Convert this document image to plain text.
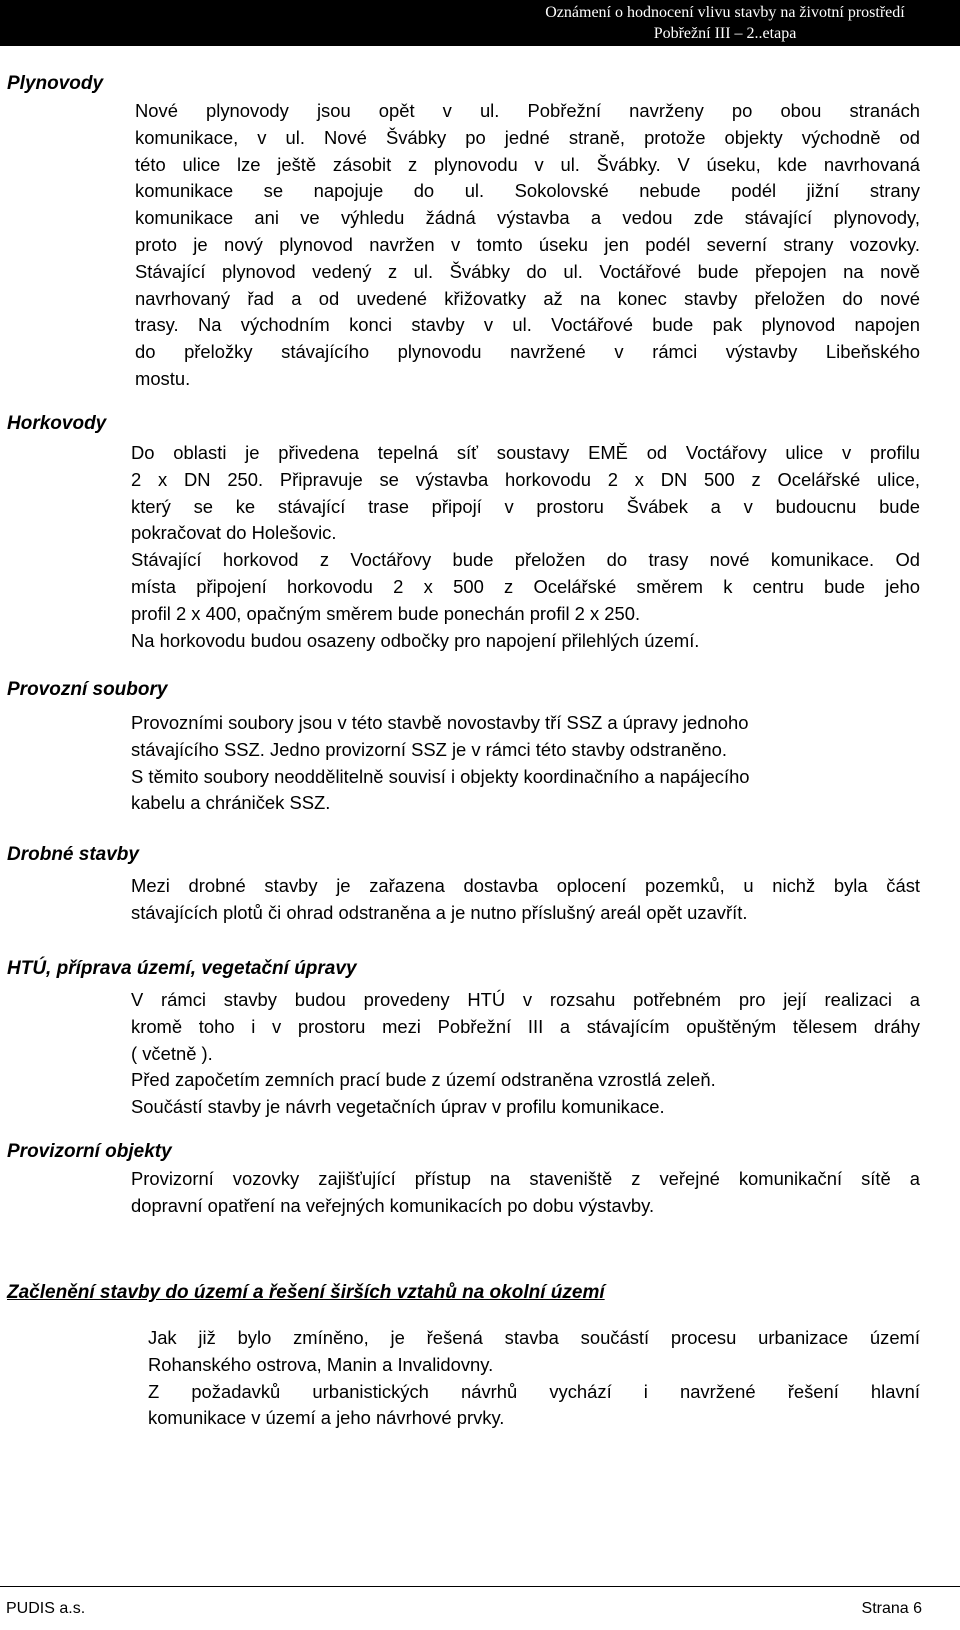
Oznámení o hodnocení vlivu stavby na životní prostředí
Pobřežní III – 2..etapa
Plynovody
Nové plynovody jsou opět v ul. Pobřežní navrženy po obou stranách
komunikace, v ul. Nové Švábky po jedné straně, protože objekty východně od
této ulice lze ještě zásobit z plynovodu v ul. Švábky. V úseku, kde navrhovaná
komunikace se napojuje do ul. Sokolovské nebude podél jižní strany
komunikace ani ve výhledu žádná výstavba a vedou zde stávající plynovody,
proto je nový plynovod navržen v tomto úseku jen podél severní strany vozovky.
Stávající plynovod vedený z ul. Švábky do ul. Voctářové bude přepojen na nově
navrhovaný řad a od uvedené křižovatky až na konec stavby přeložen do nové
trasy. Na východním konci stavby v ul. Voctářové bude pak plynovod napojen
do přeložky stávajícího plynovodu navržené v rámci výstavby Libeňského
mostu.
Horkovody
Do oblasti je přivedena tepelná síť soustavy EMĚ od Voctářovy ulice v profilu
2 x DN 250. Připravuje se výstavba horkovodu 2 x DN 500 z Ocelářské ulice,
který se ke stávající trase připojí v prostoru Švábek a v budoucnu bude
pokračovat do Holešovic.
Stávající horkovod z Voctářovy bude přeložen do trasy nové komunikace. Od
místa připojení horkovodu 2 x 500 z Ocelářské směrem k centru bude jeho
profil 2 x 400, opačným směrem bude ponechán profil 2 x 250.
Na horkovodu budou osazeny odbočky pro napojení přilehlých území.
Provozní soubory
Provozními soubory jsou v této stavbě novostavby tří SSZ a úpravy jednoho
stávajícího SSZ. Jedno provizorní SSZ je v rámci této stavby odstraněno.
S těmito soubory neoddělitelně souvisí i objekty koordinačního a napájecího
kabelu a chrániček SSZ.
Drobné stavby
Mezi drobné stavby je zařazena dostavba oplocení pozemků, u nichž byla část
stávajících plotů či ohrad odstraněna a je nutno příslušný areál opět uzavřít.
HTÚ, příprava území, vegetační úpravy
V rámci stavby budou provedeny HTÚ v rozsahu potřebném pro její realizaci a
kromě toho i v prostoru mezi Pobřežní III a stávajícím opuštěným tělesem dráhy
( včetně ).
Před započetím zemních prací bude z území odstraněna vzrostlá zeleň.
Součástí stavby je návrh vegetačních úprav v profilu komunikace.
Provizorní objekty
Provizorní vozovky zajišťující přístup na staveniště z veřejné komunikační sítě a
dopravní opatření na veřejných komunikacích po dobu výstavby.
Začlenění stavby do území a řešení širších vztahů na okolní území
Jak již bylo zmíněno, je řešená stavba součástí procesu urbanizace území
Rohanského ostrova, Manin a Invalidovny.
Z požadavků urbanistických návrhů vychází i navržené řešení hlavní
komunikace v území a jeho návrhové prvky.
PUDIS a.s.	Strana 6
